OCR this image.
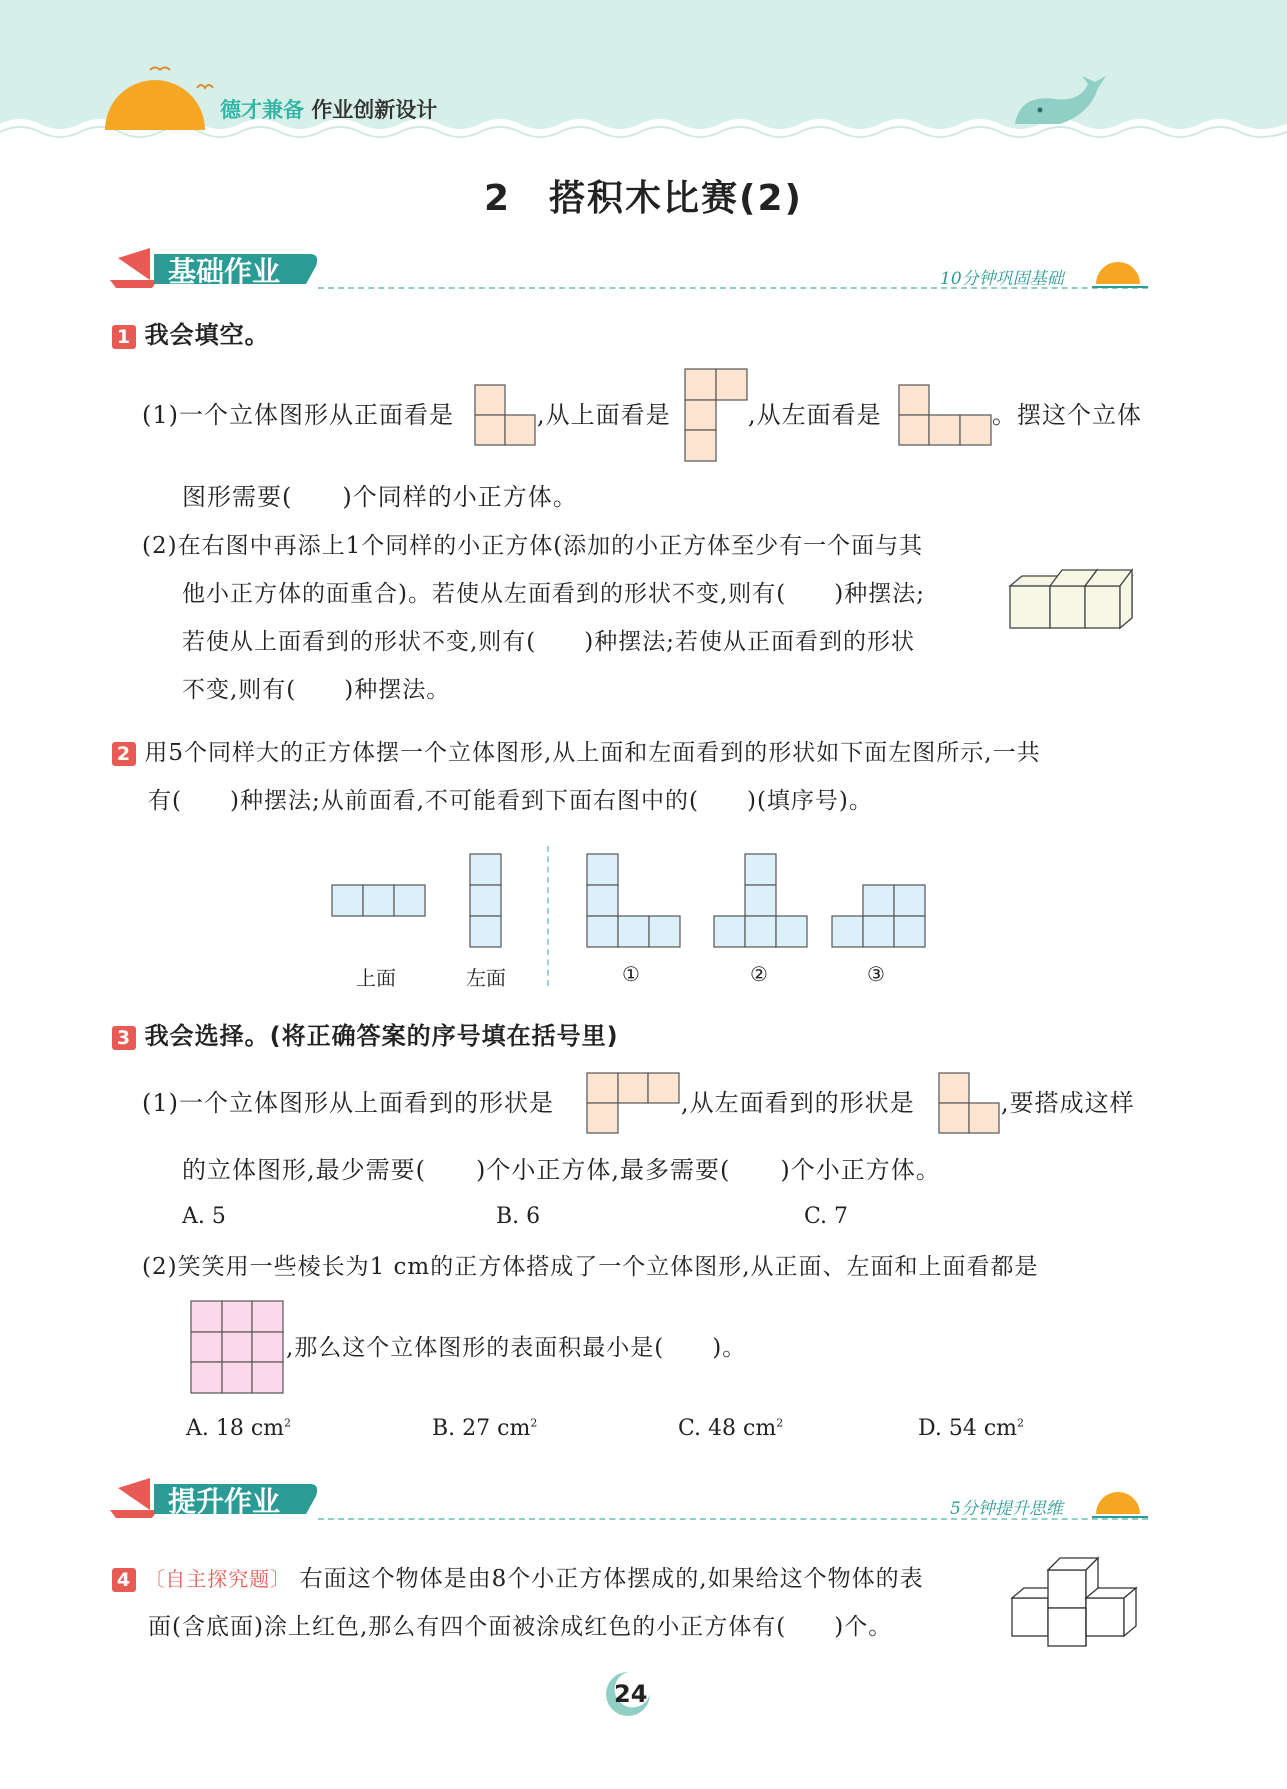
德才兼备 作业创新设计
2　搭积木比赛(2)
基础作业	10分钟巩固基础
1 我会填空。
(1)一个立体图形从正面看是	,从上面看是	,从左面看是	。摆这个立体
图形需要(　　)个同样的小正方体。
(2)在右图中再添上1个同样的小正方体(添加的小正方体至少有一个面与其
他小正方体的面重合)。若使从左面看到的形状不变,则有(　　)种摆法;
若使从上面看到的形状不变,则有(　　)种摆法;若使从正面看到的形状
不变,则有(　　)种摆法。
2 用5个同样大的正方体摆一个立体图形,从上面和左面看到的形状如下面左图所示,一共
有(　　)种摆法;从前面看,不可能看到下面右图中的(　　)(填序号)。
上面	左面	①	②	③
3 我会选择。(将正确答案的序号填在括号里)
(1)一个立体图形从上面看到的形状是	,从左面看到的形状是	,要搭成这样
的立体图形,最少需要(　　)个小正方体,最多需要(　　)个小正方体。
A. 5	B. 6	C. 7
(2)笑笑用一些棱长为1 cm的正方体搭成了一个立体图形,从正面、左面和上面看都是
,那么这个立体图形的表面积最小是(　　)。
A. 18 $cm^2$	B. 27 $cm^2$	C. 48 $cm^2$	D. 54 $cm^2$
提升作业	5分钟提升思维
4 〔自主探究题〕 右面这个物体是由8个小正方体摆成的,如果给这个物体的表
面(含底面)涂上红色,那么有四个面被涂成红色的小正方体有(　　)个。
24
